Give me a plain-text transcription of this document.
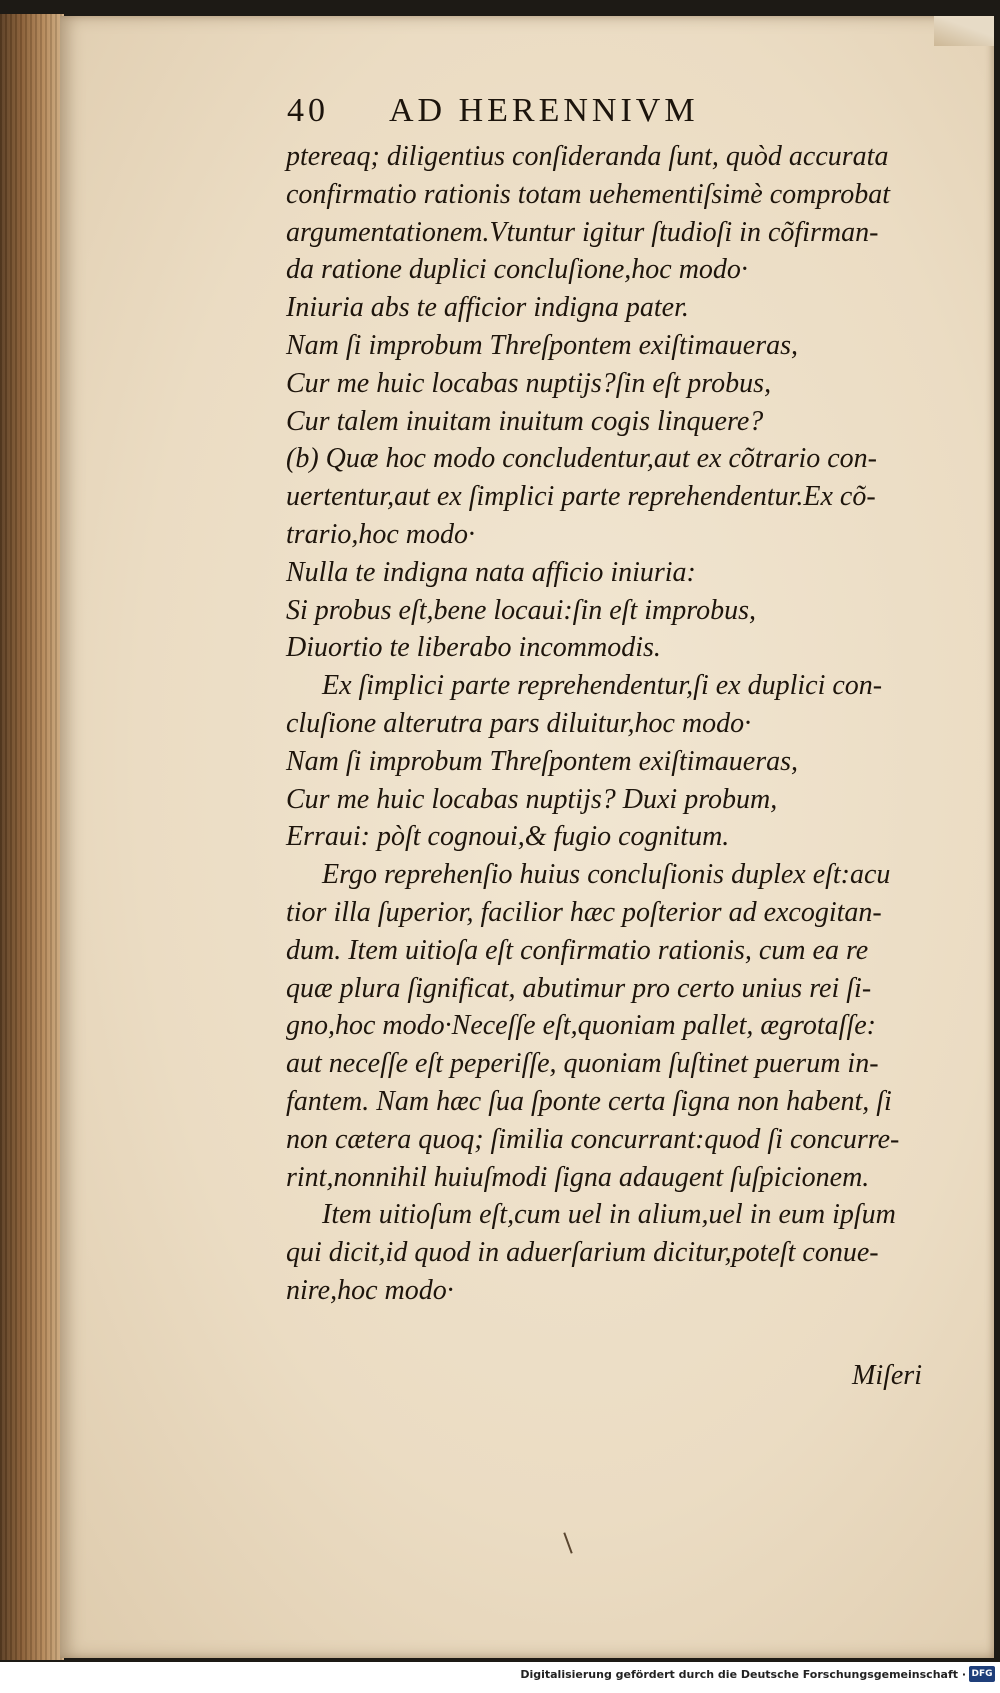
40 AD HERENNIVM
ptereaq; diligentius conſideranda ſunt, quòd accurata
confirmatio rationis totam uehementiſsimè comprobat
argumentationem.Vtuntur igitur ſtudioſi in cõfirman-
da ratione duplici concluſione,hoc modo·
Iniuria abs te afficior indigna pater.
Nam ſi improbum Threſpontem exiſtimaueras,
Cur me huic locabas nuptijs?ſin eſt probus,
Cur talem inuitam inuitum cogis linquere?
(b) Quæ hoc modo concludentur,aut ex cõtrario con-
uertentur,aut ex ſimplici parte reprehendentur.Ex cõ-
trario,hoc modo·
Nulla te indigna nata afficio iniuria:
Si probus eſt,bene locaui:ſin eſt improbus,
Diuortio te liberabo incommodis.
Ex ſimplici parte reprehendentur,ſi ex duplici con-
cluſione alterutra pars diluitur,hoc modo·
Nam ſi improbum Threſpontem exiſtimaueras,
Cur me huic locabas nuptijs? Duxi probum,
Erraui: pòſt cognoui,& fugio cognitum.
Ergo reprehenſio huius concluſionis duplex eſt:acu
tior illa ſuperior, facilior hæc poſterior ad excogitan-
dum. Item uitioſa eſt confirmatio rationis, cum ea re
quæ plura ſignificat, abutimur pro certo unius rei ſi-
gno,hoc modo·Neceſſe eſt,quoniam pallet, ægrotaſſe:
aut neceſſe eſt peperiſſe, quoniam ſuſtinet puerum in-
fantem. Nam hæc ſua ſponte certa ſigna non habent, ſi
non cætera quoq; ſimilia concurrant:quod ſi concurre-
rint,nonnihil huiuſmodi ſigna adaugent ſuſpicionem.
Item uitioſum eſt,cum uel in alium,uel in eum ipſum
qui dicit,id quod in aduerſarium dicitur,poteſt conue-
nire,hoc modo·
Miſeri
Digitalisierung gefördert durch die Deutsche Forschungsgemeinschaft · DFG
